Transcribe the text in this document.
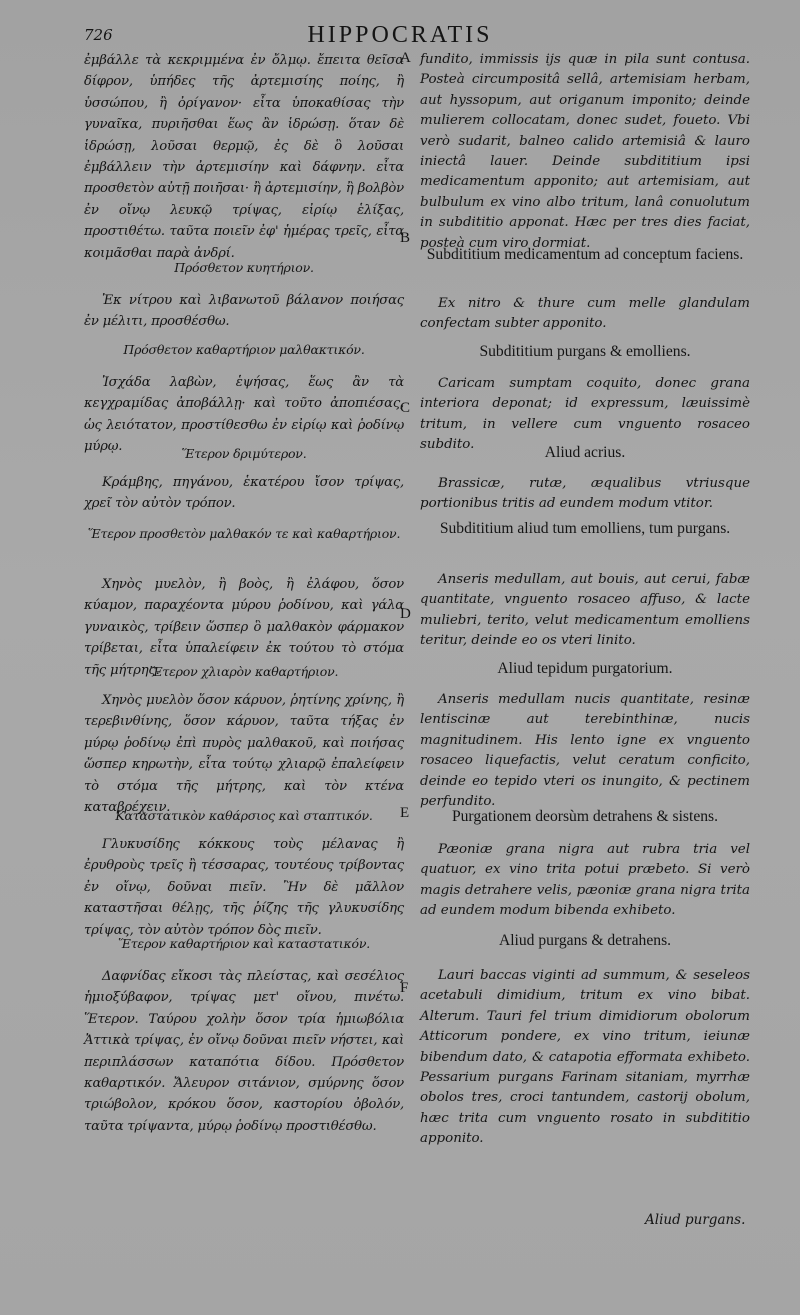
726	HIPPOCRATIS

ἐμβάλλε τὰ κεκριμμένα ἐν ὄλμῳ. ἔπειτα θεῖσα δίφρον, ὑπήδες τῆς ἀρτεμισίης ποίης, ἢ ὑσσώπου, ἢ ὀρίγανον· εἶτα ὑποκαθίσας τὴν γυναῖκα, πυριῆσθαι ἕως ἂν ἱδρώσῃ. ὅταν δὲ ἱδρώσῃ, λοῦσαι θερμῷ, ἐς δὲ ὃ λοῦσαι ἐμβάλλειν τὴν ἀρτεμισίην καὶ δάφνην. εἶτα προσθετὸν αὐτῇ ποιῆσαι· ἢ ἀρτεμισίην, ἢ βολβὸν ἐν οἴνῳ λευκῷ τρίψας, εἰρίῳ ἑλίξας, προστιθέτω. ταῦτα ποιεῖν ἐφ' ἡμέρας τρεῖς, εἶτα κοιμᾶσθαι παρὰ ἀνδρί.

Πρόσθετον κυητήριον.

Ἐκ νίτρου καὶ λιβανωτοῦ βάλανον ποιήσας ἐν μέλιτι, προσθέσθω.

Πρόσθετον καθαρτήριον μαλθακτικόν.

Ἰσχάδα λαβὼν, ἑψήσας, ἕως ἂν τὰ κεγχραμίδας ἀποβάλλῃ· καὶ τοῦτο ἀποπιέσας, ὡς λειότατον, προστίθεσθω ἐν εἰρίῳ καὶ ῥοδίνῳ μύρῳ.	Ἕτερον δριμύτερον.

Κράμβης, πηγάνου, ἑκατέρου ἴσον τρίψας, χρεῖ τὸν αὐτὸν τρόπον.

Ἕτερον προσθετὸν μαλθακόν τε καὶ καθαρτήριον.

Χηνὸς μυελὸν, ἢ βοὸς, ἢ ἐλάφου, ὅσον κύαμον, παραχέοντα μύρου ῥοδίνου, καὶ γάλα γυναικὸς, τρίβειν ὥσπερ ὃ μαλθακὸν φάρμακον τρίβεται, εἶτα ὑπαλείφειν ἐκ τούτου τὸ στόμα τῆς μήτρης.

Ἕτερον χλιαρὸν καθαρτήριον.

Χηνὸς μυελὸν ὅσον κάρυον, ῥητίνης χρίνης, ἢ τερεβινθίνης, ὅσον κάρυον, ταῦτα τήξας ἐν μύρῳ ῥοδίνῳ ἐπὶ πυρὸς μαλθακοῦ, καὶ ποιήσας ὥσπερ κηρωτὴν, εἶτα τούτῳ χλιαρῷ ἐπαλείφειν τὸ στόμα τῆς μήτρης, καὶ τὸν κτένα καταβρέχειν.

Καταστατικὸν καθάρσιος καὶ σταπτικόν.

Γλυκυσίδης κόκκους τοὺς μέλανας ἢ ἐρυθροὺς τρεῖς ἢ τέσσαρας, τουτέους τρίβοντας ἐν οἴνῳ, δοῦναι πιεῖν. Ἢν δὲ μᾶλλον καταστῆσαι θέλῃς, τῆς ῥίζης τῆς γλυκυσίδης τρίψας, τὸν αὐτὸν τρόπον δὸς πιεῖν.

Ἕτερον καθαρτήριον καὶ καταστατικόν.

Δαφνίδας εἴκοσι τὰς πλείστας, καὶ σεσέλιος ἡμιοξύβαφον, τρίψας μετ' οἴνου, πινέτω. Ἕτερον. Ταύρου χολὴν ὅσον τρία ἡμιωβόλια Ἀττικὰ τρίψας, ἐν οἴνῳ δοῦναι πιεῖν νήστει, καὶ περιπλάσσων καταπότια δίδου. Πρόσθετον καθαρτικόν. Ἄλευρον σιτάνιον, σμύρνης ὅσον τριώβολον, κρόκου ὅσον, καστορίου ὀβολόν, ταῦτα τρίψαντα, μύρῳ ῥοδίνῳ προστιθέσθω.

A
B
C
D
E
F

fundito, immissis ijs quæ in pila sunt contusa. Posteà circumpositâ sellâ, artemisiam herbam, aut hyssopum, aut origanum imponito; deinde mulierem collocatam, donec sudet, foueto. Vbi verò sudarit, balneo calido artemisiâ & lauro iniectâ lauer. Deinde subdititium ipsi medicamentum apponito; aut artemisiam, aut bulbulum ex vino albo tritum, lanâ conuolutum in subdititio apponat. Hæc per tres dies faciat, posteà cum viro dormiat.

Subdititium medicamentum ad conceptum faciens.

Ex nitro & thure cum melle glandulam confectam subter apponito.

Subdititium purgans & emolliens.

Caricam sumptam coquito, donec grana interiora deponat; id expressum, læuissimè tritum, in vellere cum vnguento rosaceo subdito.	Aliud acrius.

Brassicæ, rutæ, æqualibus vtriusque portionibus tritis ad eundem modum vtitor.

Subdititium aliud tum emolliens, tum purgans.

Anseris medullam, aut bouis, aut cerui, fabæ quantitate, vnguento rosaceo affuso, & lacte muliebri, terito, velut medicamentum emolliens teritur, deinde eo os vteri linito.

Aliud tepidum purgatorium.

Anseris medullam nucis quantitate, resinæ lentiscinæ aut terebinthinæ, nucis magnitudinem. His lento igne ex vnguento rosaceo liquefactis, velut ceratum conficito, deinde eo tepido vteri os inungito, & pectinem perfundito.

Purgationem deorsùm detrahens & sistens.

Pæoniæ grana nigra aut rubra tria vel quatuor, ex vino trita potui præbeto. Si verò magis detrahere velis, pæoniæ grana nigra trita ad eundem modum bibenda exhibeto.

Aliud purgans & detrahens.

Lauri baccas viginti ad summum, & seseleos acetabuli dimidium, tritum ex vino bibat. Alterum. Tauri fel trium dimidiorum obolorum Atticorum pondere, ex vino tritum, ieiunæ bibendum dato, & catapotia efformata exhibeto. Pessarium purgans Farinam sitaniam, myrrhæ obolos tres, croci tantundem, castorij obolum, hæc trita cum vnguento rosato in subdititio apponito.

Aliud purgans.
